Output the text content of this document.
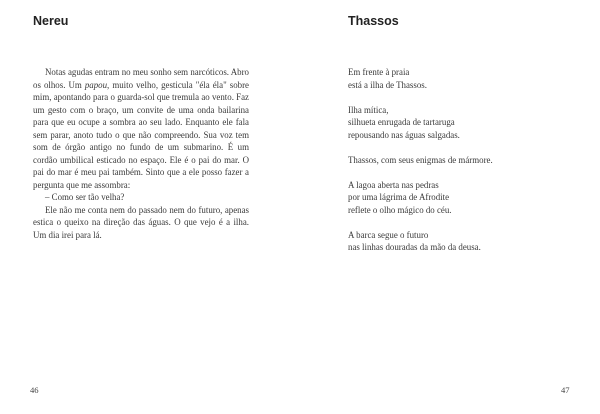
Nereu

Notas agudas entram no meu sonho sem narcóticos. Abro os olhos. Um papou, muito velho, gesticula "éla éla" sobre mim, apontando para o guarda-sol que tremula ao vento. Faz um gesto com o braço, um convite de uma onda bailarina para que eu ocupe a sombra ao seu lado. Enquanto ele fala sem parar, anoto tudo o que não compreendo. Sua voz tem som de órgão antigo no fundo de um submarino. É um cordão umbilical esticado no espaço. Ele é o pai do mar. O pai do mar é meu pai também. Sinto que a ele posso fazer a pergunta que me assombra:

– Como ser tão velha?

Ele não me conta nem do passado nem do futuro, apenas estica o queixo na direção das águas. O que vejo é a ilha. Um dia irei para lá.

Thassos
Em frente à praia
está a ilha de Thassos.
Ilha mítica,
silhueta enrugada de tartaruga
repousando nas águas salgadas.
Thassos, com seus enigmas de mármore.
A lagoa aberta nas pedras
por uma lágrima de Afrodite
reflete o olho mágico do céu.
A barca segue o futuro
nas linhas douradas da mão da deusa.
46	47
